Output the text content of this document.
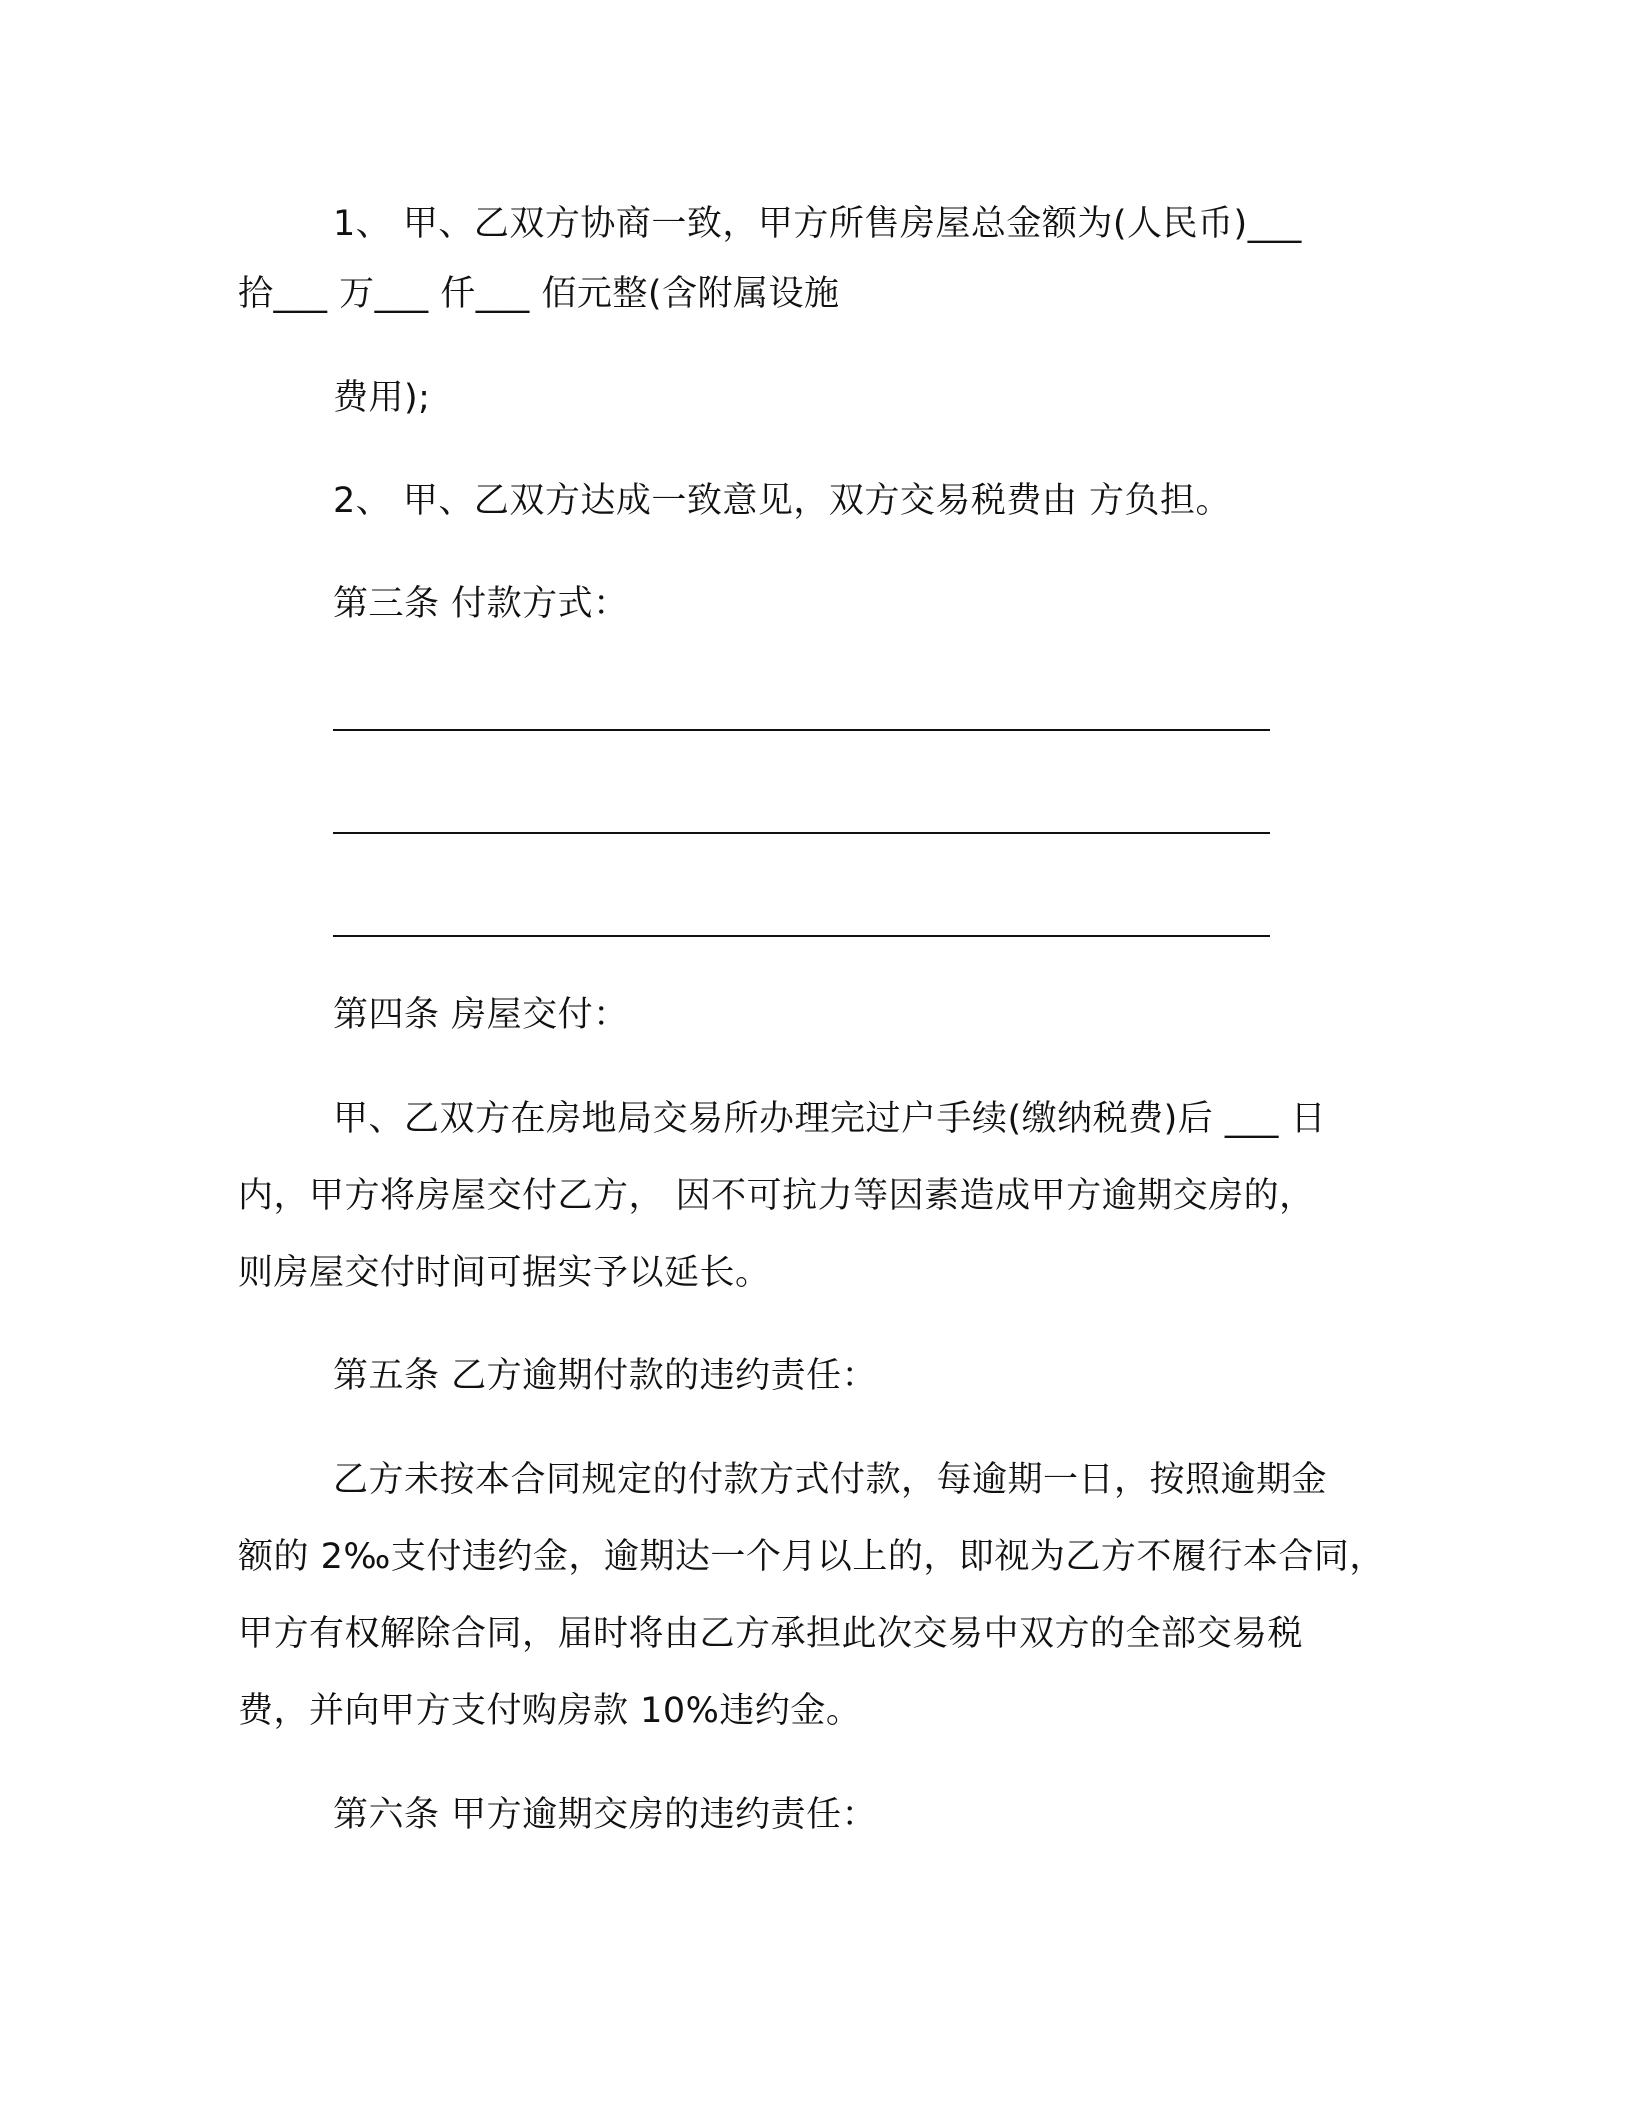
1、 甲、乙双方协商一致，甲方所售房屋总金额为(人民币)___
拾___ 万___ 仟___ 佰元整(含附属设施
费用);
2、 甲、乙双方达成一致意见，双方交易税费由 方负担。
第三条 付款方式：
第四条 房屋交付：
甲、乙双方在房地局交易所办理完过户手续(缴纳税费)后 ___ 日
内，甲方将房屋交付乙方， 因不可抗力等因素造成甲方逾期交房的，
则房屋交付时间可据实予以延长。
第五条 乙方逾期付款的违约责任：
乙方未按本合同规定的付款方式付款，每逾期一日，按照逾期金
额的 2‰支付违约金，逾期达一个月以上的，即视为乙方不履行本合同，
甲方有权解除合同，届时将由乙方承担此次交易中双方的全部交易税
费，并向甲方支付购房款 10%违约金。
第六条 甲方逾期交房的违约责任：
